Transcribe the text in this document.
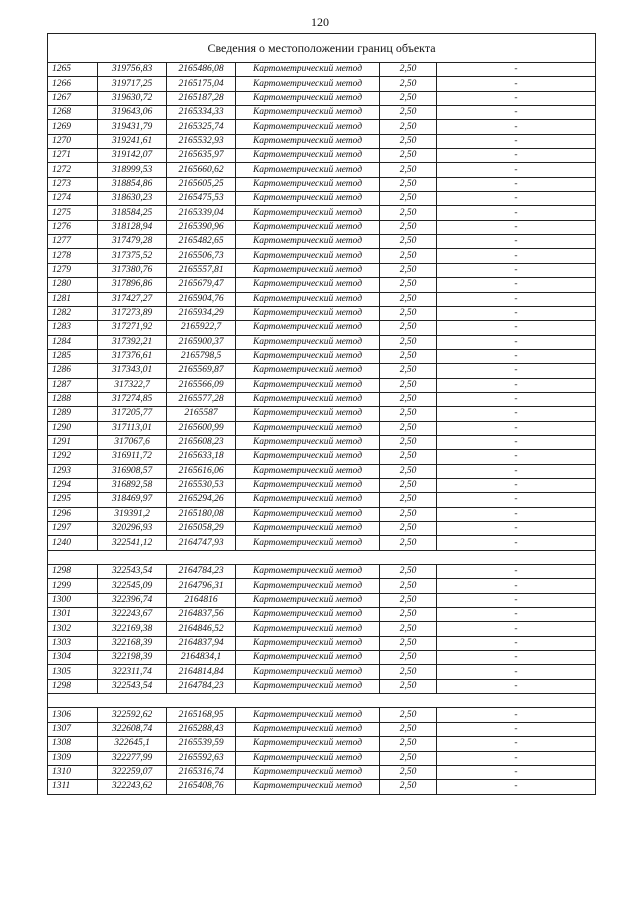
120
Сведения о местоположении границ объекта					
1265	319756,83	2165486,08	Картометрический метод	2,50	-
1266	319717,25	2165175,04	Картометрический метод	2,50	-
1267	319630,72	2165187,28	Картометрический метод	2,50	-
1268	319643,06	2165334,33	Картометрический метод	2,50	-
1269	319431,79	2165325,74	Картометрический метод	2,50	-
1270	319241,61	2165532,93	Картометрический метод	2,50	-
1271	319142,07	2165635,97	Картометрический метод	2,50	-
1272	318999,53	2165660,62	Картометрический метод	2,50	-
1273	318854,86	2165605,25	Картометрический метод	2,50	-
1274	318630,23	2165475,53	Картометрический метод	2,50	-
1275	318584,25	2165339,04	Картометрический метод	2,50	-
1276	318128,94	2165390,96	Картометрический метод	2,50	-
1277	317479,28	2165482,65	Картометрический метод	2,50	-
1278	317375,52	2165506,73	Картометрический метод	2,50	-
1279	317380,76	2165557,81	Картометрический метод	2,50	-
1280	317896,86	2165679,47	Картометрический метод	2,50	-
1281	317427,27	2165904,76	Картометрический метод	2,50	-
1282	317273,89	2165934,29	Картометрический метод	2,50	-
1283	317271,92	2165922,7	Картометрический метод	2,50	-
1284	317392,21	2165900,37	Картометрический метод	2,50	-
1285	317376,61	2165798,5	Картометрический метод	2,50	-
1286	317343,01	2165569,87	Картометрический метод	2,50	-
1287	317322,7	2165566,09	Картометрический метод	2,50	-
1288	317274,85	2165577,28	Картометрический метод	2,50	-
1289	317205,77	2165587	Картометрический метод	2,50	-
1290	317113,01	2165600,99	Картометрический метод	2,50	-
1291	317067,6	2165608,23	Картометрический метод	2,50	-
1292	316911,72	2165633,18	Картометрический метод	2,50	-
1293	316908,57	2165616,06	Картометрический метод	2,50	-
1294	316892,58	2165530,53	Картометрический метод	2,50	-
1295	318469,97	2165294,26	Картометрический метод	2,50	-
1296	319391,2	2165180,08	Картометрический метод	2,50	-
1297	320296,93	2165058,29	Картометрический метод	2,50	-
1240	322541,12	2164747,93	Картометрический метод	2,50	-

1298	322543,54	2164784,23	Картометрический метод	2,50	-
1299	322545,09	2164796,31	Картометрический метод	2,50	-
1300	322396,74	2164816	Картометрический метод	2,50	-
1301	322243,67	2164837,56	Картометрический метод	2,50	-
1302	322169,38	2164846,52	Картометрический метод	2,50	-
1303	322168,39	2164837,94	Картометрический метод	2,50	-
1304	322198,39	2164834,1	Картометрический метод	2,50	-
1305	322311,74	2164814,84	Картометрический метод	2,50	-
1298	322543,54	2164784,23	Картометрический метод	2,50	-

1306	322592,62	2165168,95	Картометрический метод	2,50	-
1307	322608,74	2165288,43	Картометрический метод	2,50	-
1308	322645,1	2165539,59	Картометрический метод	2,50	-
1309	322277,99	2165592,63	Картометрический метод	2,50	-
1310	322259,07	2165316,74	Картометрический метод	2,50	-
1311	322243,62	2165408,76	Картометрический метод	2,50	-
